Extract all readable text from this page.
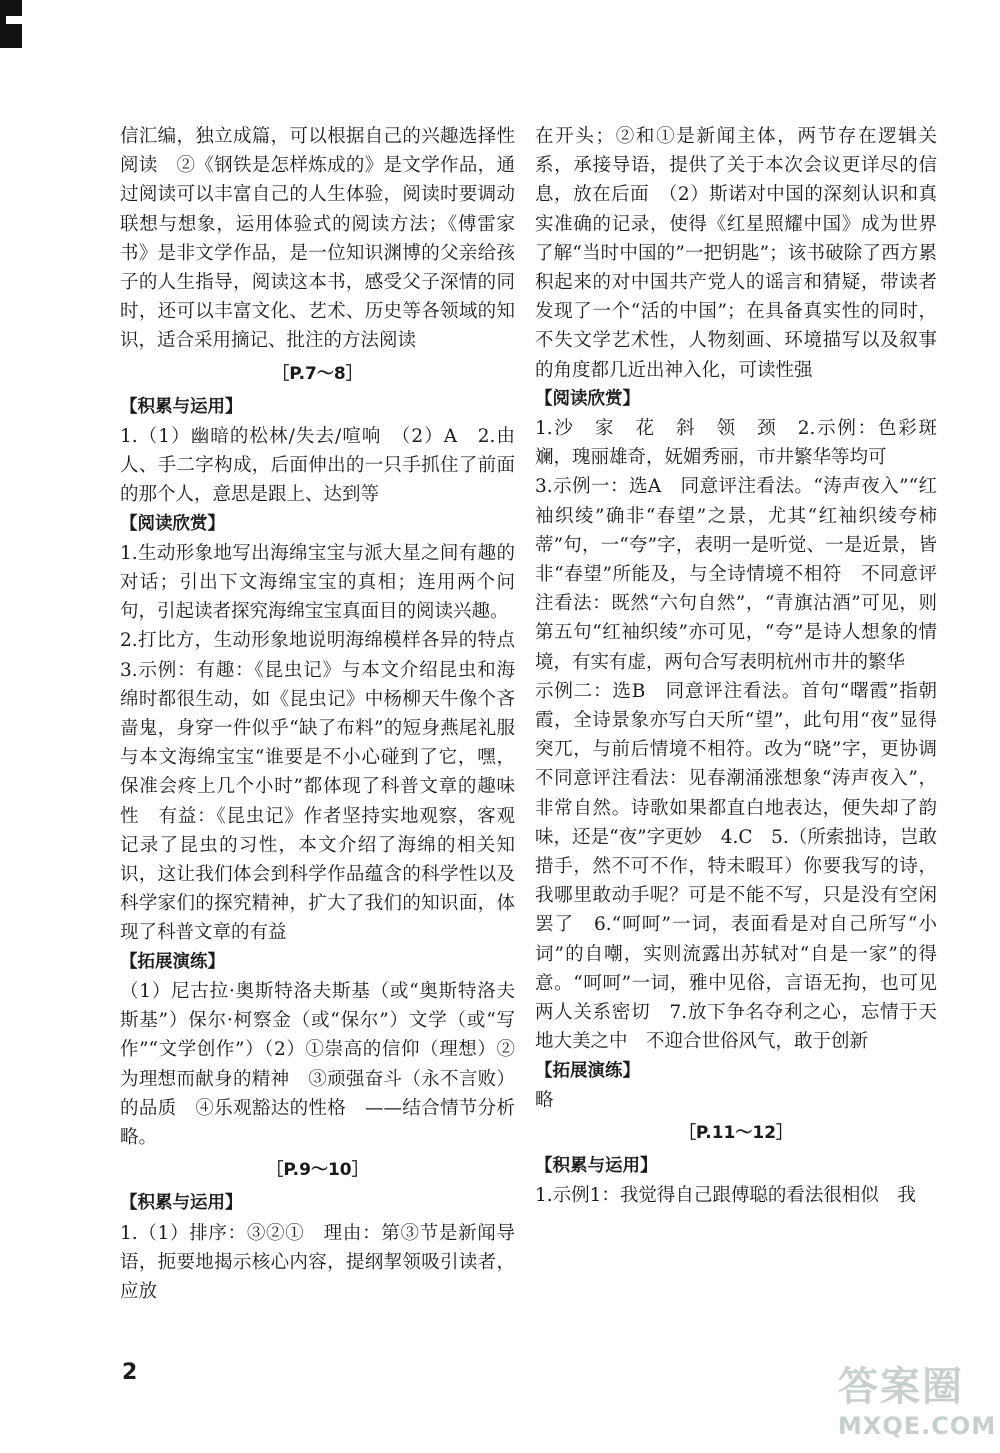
信汇编，独立成篇，可以根据自己的兴趣选择性阅读　②《钢铁是怎样炼成的》是文学作品，通过阅读可以丰富自己的人生体验，阅读时要调动联想与想象，运用体验式的阅读方法；《傅雷家书》是非文学作品，是一位知识渊博的父亲给孩子的人生指导，阅读这本书，感受父子深情的同时，还可以丰富文化、艺术、历史等各领域的知识，适合采用摘记、批注的方法阅读

［P.7～8］
【积累与运用】

1.（1）幽暗的松林/失去/喧响　（2）A　2.由人、手二字构成，后面伸出的一只手抓住了前面的那个人，意思是跟上、达到等

【阅读欣赏】

1.生动形象地写出海绵宝宝与派大星之间有趣的对话；引出下文海绵宝宝的真相；连用两个问句，引起读者探究海绵宝宝真面目的阅读兴趣。

2.打比方，生动形象地说明海绵模样各异的特点　3.示例：有趣：《昆虫记》与本文介绍昆虫和海绵时都很生动，如《昆虫记》中杨柳天牛像个吝啬鬼，身穿一件似乎“缺了布料”的短身燕尾礼服与本文海绵宝宝“谁要是不小心碰到了它，嘿，保准会疼上几个小时”都体现了科普文章的趣味性　有益：《昆虫记》作者坚持实地观察，客观记录了昆虫的习性，本文介绍了海绵的相关知识，这让我们体会到科学作品蕴含的科学性以及科学家们的探究精神，扩大了我们的知识面，体现了科普文章的有益

【拓展演练】

（1）尼古拉·奥斯特洛夫斯基（或“奥斯特洛夫斯基”）保尔·柯察金（或“保尔”）文学（或“写作”“文学创作”）（2）①崇高的信仰（理想）②为理想而献身的精神　③顽强奋斗（永不言败）的品质　④乐观豁达的性格　——结合情节分析略。

［P.9～10］
【积累与运用】

1.（1）排序：③②①　理由：第③节是新闻导语，扼要地揭示核心内容，提纲挈领吸引读者，应放

在开头；②和①是新闻主体，两节存在逻辑关系，承接导语，提供了关于本次会议更详尽的信息，放在后面　（2）斯诺对中国的深刻认识和真实准确的记录，使得《红星照耀中国》成为世界了解“当时中国的”一把钥匙”；该书破除了西方累积起来的对中国共产党人的谣言和猜疑，带读者发现了一个“活的中国”；在具备真实性的同时，不失文学艺术性，人物刻画、环境描写以及叙事的角度都几近出神入化，可读性强

【阅读欣赏】

1.沙　家　花　斜　领　颈　2.示例：色彩斑斓，瑰丽雄奇，妩媚秀丽，市井繁华等均可

3.示例一：选A　同意评注看法。“涛声夜入”“红袖织绫”确非“春望”之景，尤其“红袖织绫夸柿蒂”句，一“夸”字，表明一是听觉、一是近景，皆非“春望”所能及，与全诗情境不相符　不同意评注看法：既然“六句自然”，“青旗沽酒”可见，则第五句“红袖织绫”亦可见，“夸”是诗人想象的情境，有实有虚，两句合写表明杭州市井的繁华

示例二：选B　同意评注看法。首句“曙霞”指朝霞，全诗景象亦写白天所“望”，此句用“夜”显得突兀，与前后情境不相符。改为“晓”字，更协调　不同意评注看法：见春潮涌涨想象“涛声夜入”，非常自然。诗歌如果都直白地表达，便失却了韵味，还是“夜”字更妙　4.C　5.（所索拙诗，岂敢措手，然不可不作，特未暇耳）你要我写的诗，我哪里敢动手呢？可是不能不写，只是没有空闲罢了　6.“呵呵”一词，表面看是对自己所写“小词”的自嘲，实则流露出苏轼对“自是一家”的得意。“呵呵”一词，雅中见俗，言语无拘，也可见两人关系密切　7.放下争名夺利之心，忘情于天地大美之中　不迎合世俗风气，敢于创新

【拓展演练】

略

［P.11～12］
【积累与运用】

1.示例1：我觉得自己跟傅聪的看法很相似　我

2	答案圈
MXQE.COM
